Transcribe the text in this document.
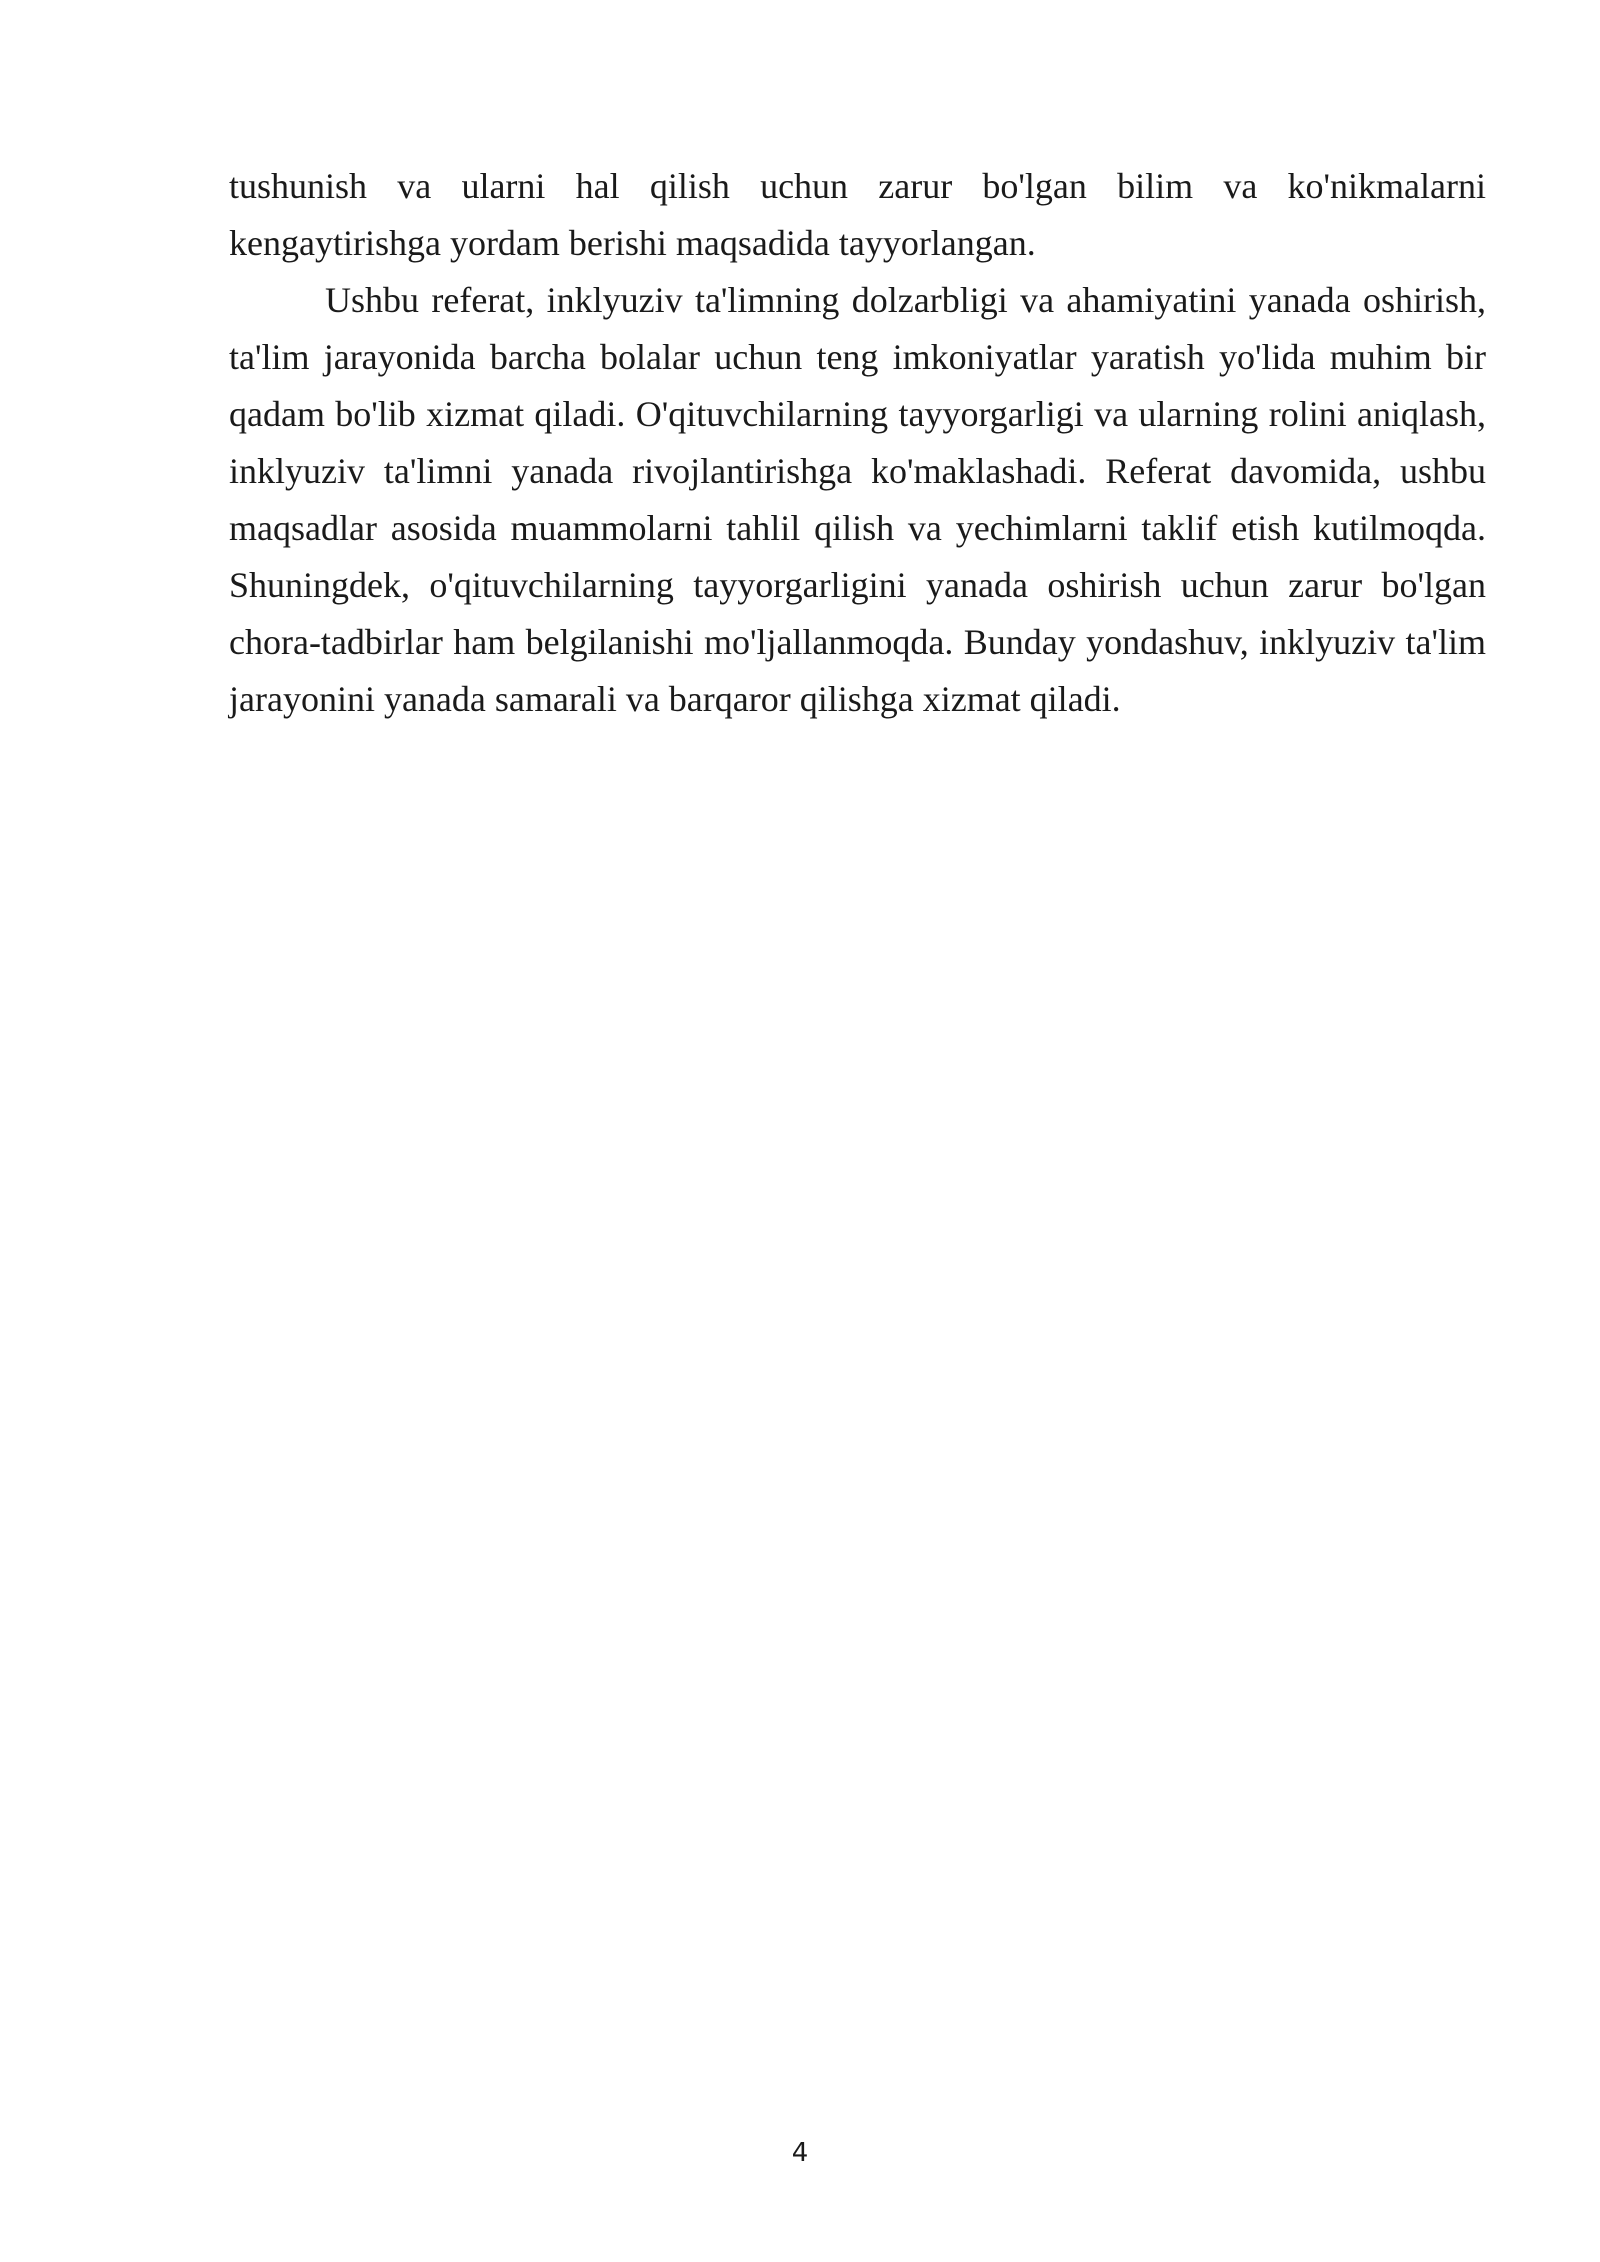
tushunish va ularni hal qilish uchun zarur bo'lgan bilim va ko'nikmalarni kengaytirishga yordam berishi maqsadida tayyorlangan.

Ushbu referat, inklyuziv ta'limning dolzarbligi va ahamiyatini yanada oshirish, ta'lim jarayonida barcha bolalar uchun teng imkoniyatlar yaratish yo'lida muhim bir qadam bo'lib xizmat qiladi. O'qituvchilarning tayyorgarligi va ularning rolini aniqlash, inklyuziv ta'limni yanada rivojlantirishga ko'maklashadi. Referat davomida, ushbu maqsadlar asosida muammolarni tahlil qilish va yechimlarni taklif etish kutilmoqda. Shuningdek, o'qituvchilarning tayyorgarligini yanada oshirish uchun zarur bo'lgan chora-tadbirlar ham belgilanishi mo'ljallanmoqda. Bunday yondashuv, inklyuziv ta'lim jarayonini yanada samarali va barqaror qilishga xizmat qiladi.

4
